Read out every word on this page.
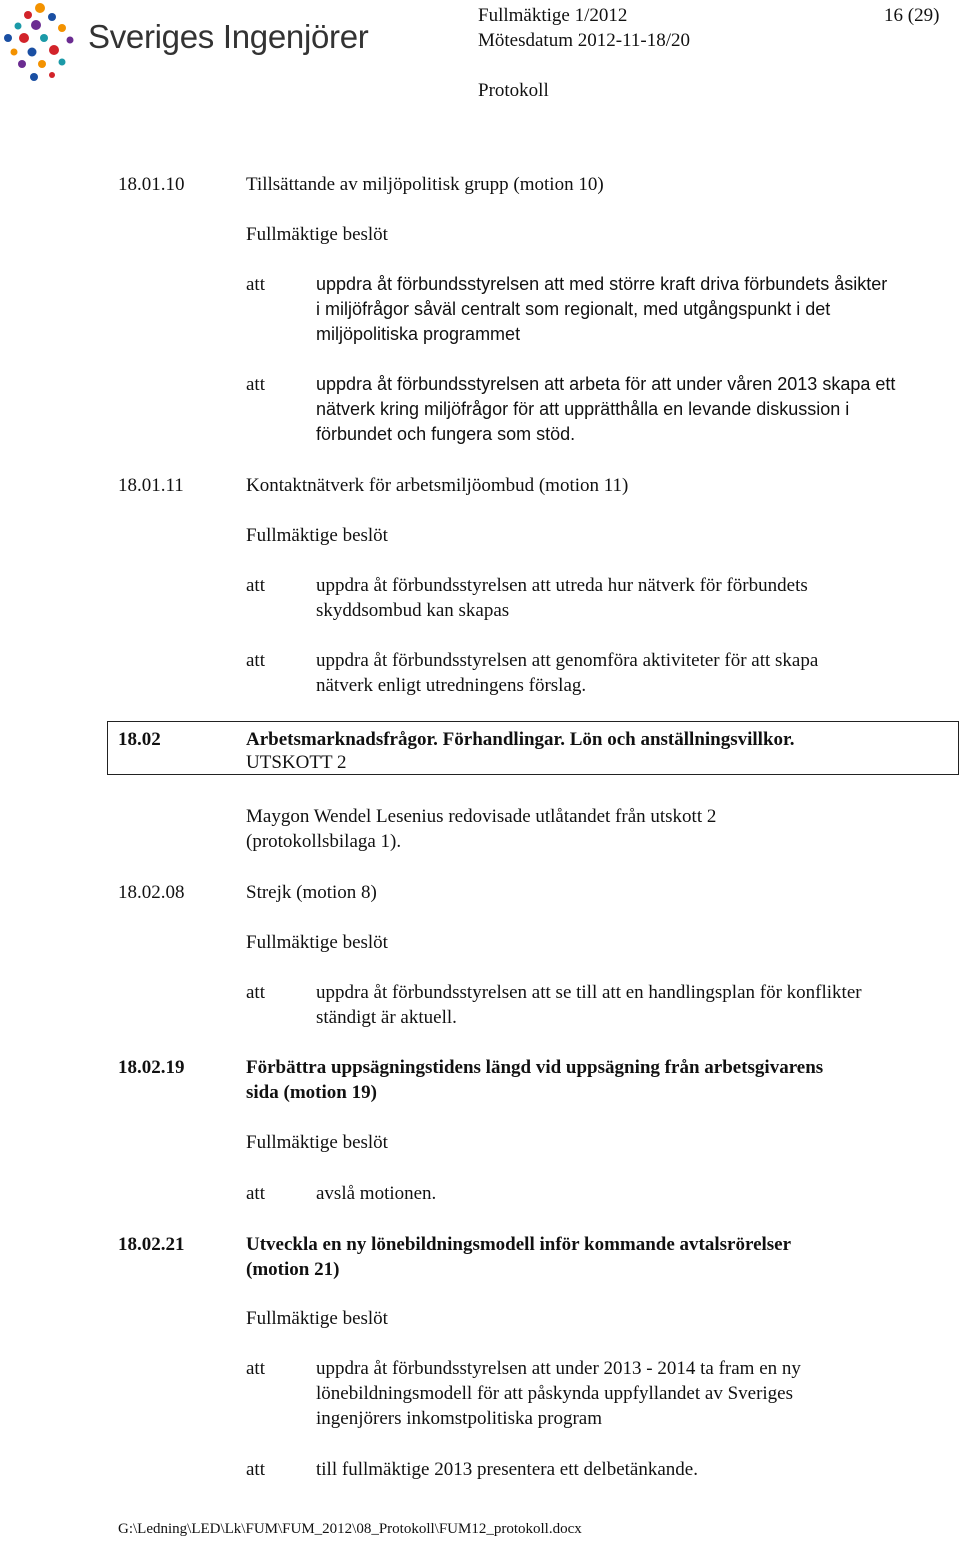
Sveriges Ingenjörer
Fullmäktige 1/2012	16 (29)
Mötesdatum 2012-11-18/20
Protokoll
18.01.10	Tillsättande av miljöpolitisk grupp (motion 10)
Fullmäktige beslöt
att	uppdra åt förbundsstyrelsen att med större kraft driva förbundets åsikter
i miljöfrågor såväl centralt som regionalt, med utgångspunkt i det
miljöpolitiska programmet
att	uppdra åt förbundsstyrelsen att arbeta för att under våren 2013 skapa ett
nätverk kring miljöfrågor för att upprätthålla en levande diskussion i
förbundet och fungera som stöd.
18.01.11	Kontaktnätverk för arbetsmiljöombud (motion 11)
Fullmäktige beslöt
att	uppdra åt förbundsstyrelsen att utreda hur nätverk för förbundets
skyddsombud kan skapas
att	uppdra åt förbundsstyrelsen att genomföra aktiviteter för att skapa
nätverk enligt utredningens förslag.
18.02	Arbetsmarknadsfrågor. Förhandlingar. Lön och anställningsvillkor.
UTSKOTT 2
Maygon Wendel Lesenius redovisade utlåtandet från utskott 2
(protokollsbilaga 1).
18.02.08	Strejk (motion 8)
Fullmäktige beslöt
att	uppdra åt förbundsstyrelsen att se till att en handlingsplan för konflikter
ständigt är aktuell.
18.02.19	Förbättra uppsägningstidens längd vid uppsägning från arbetsgivarens
sida (motion 19)
Fullmäktige beslöt
att	avslå motionen.
18.02.21	Utveckla en ny lönebildningsmodell inför kommande avtalsrörelser
(motion 21)
Fullmäktige beslöt
att	uppdra åt förbundsstyrelsen att under 2013 - 2014 ta fram en ny
lönebildningsmodell för att påskynda uppfyllandet av Sveriges
ingenjörers inkomstpolitiska program
att	till fullmäktige 2013 presentera ett delbetänkande.
G:\Ledning\LED\Lk\FUM\FUM_2012\08_Protokoll\FUM12_protokoll.docx
